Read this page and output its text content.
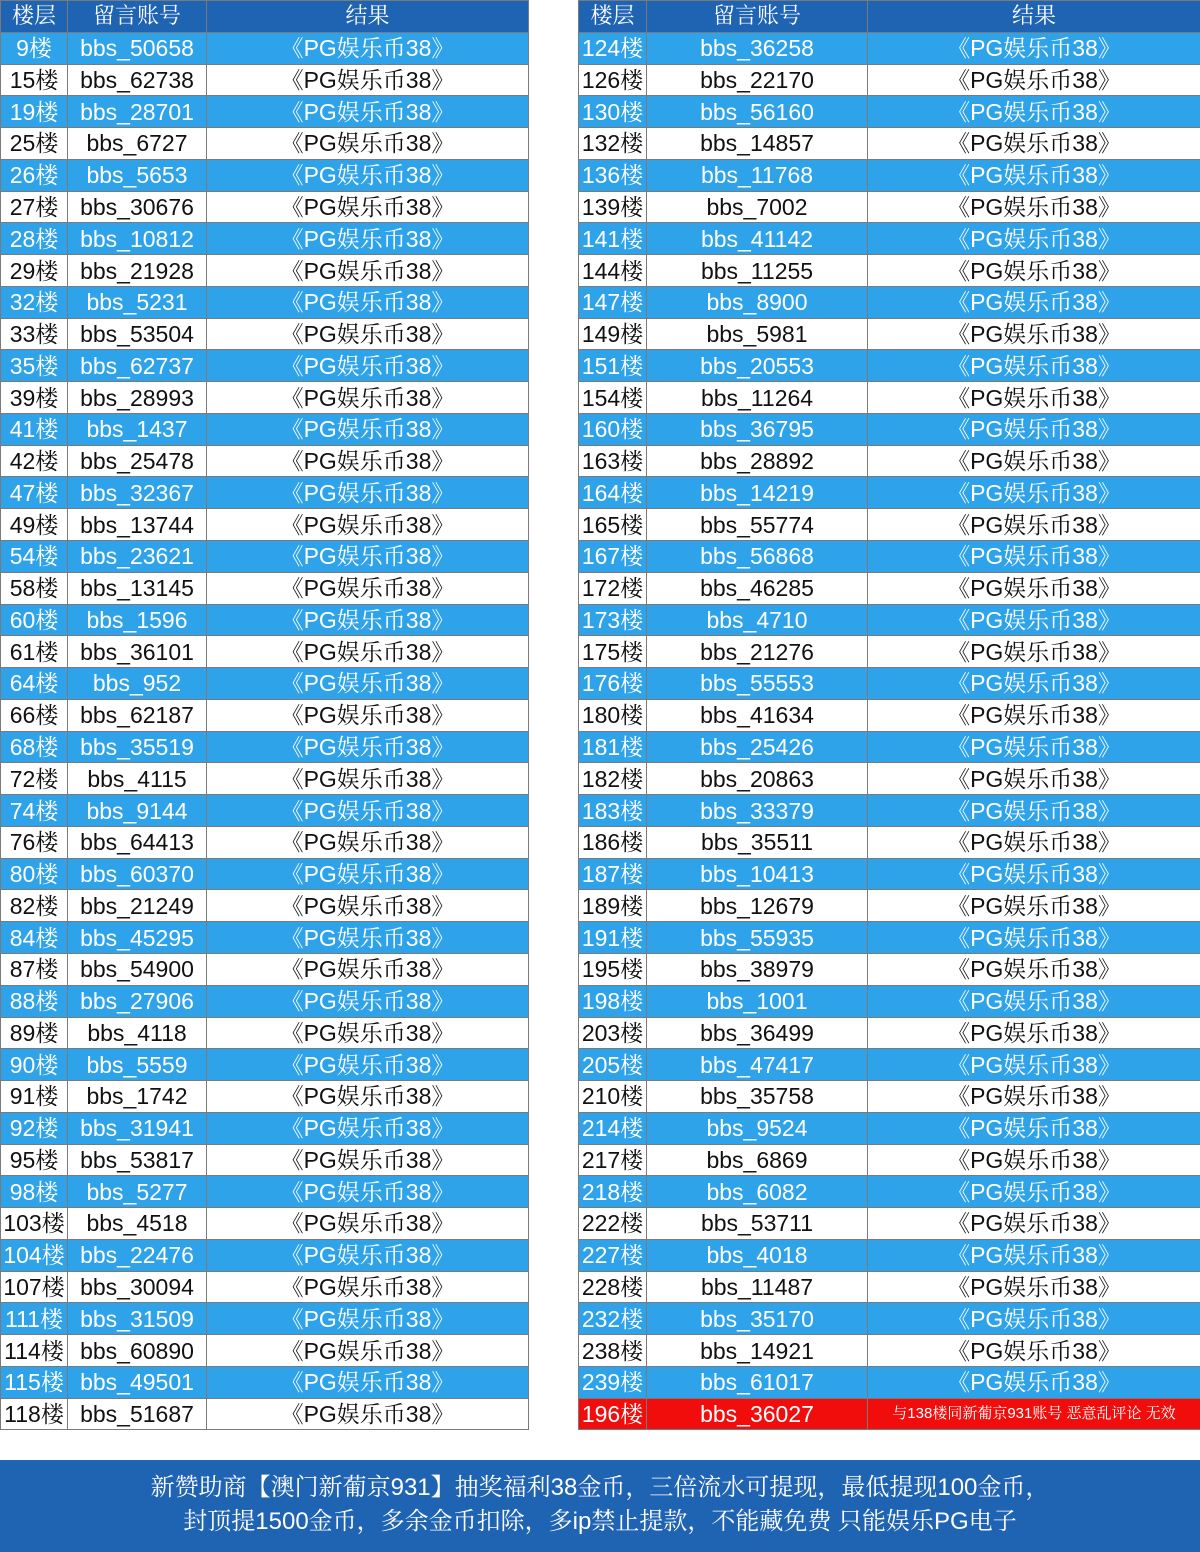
楼层	留言账号	结果
9楼	bbs_50658	《PG娱乐币38》
15楼	bbs_62738	《PG娱乐币38》
19楼	bbs_28701	《PG娱乐币38》
25楼	bbs_6727	《PG娱乐币38》
26楼	bbs_5653	《PG娱乐币38》
27楼	bbs_30676	《PG娱乐币38》
28楼	bbs_10812	《PG娱乐币38》
29楼	bbs_21928	《PG娱乐币38》
32楼	bbs_5231	《PG娱乐币38》
33楼	bbs_53504	《PG娱乐币38》
35楼	bbs_62737	《PG娱乐币38》
39楼	bbs_28993	《PG娱乐币38》
41楼	bbs_1437	《PG娱乐币38》
42楼	bbs_25478	《PG娱乐币38》
47楼	bbs_32367	《PG娱乐币38》
49楼	bbs_13744	《PG娱乐币38》
54楼	bbs_23621	《PG娱乐币38》
58楼	bbs_13145	《PG娱乐币38》
60楼	bbs_1596	《PG娱乐币38》
61楼	bbs_36101	《PG娱乐币38》
64楼	bbs_952	《PG娱乐币38》
66楼	bbs_62187	《PG娱乐币38》
68楼	bbs_35519	《PG娱乐币38》
72楼	bbs_4115	《PG娱乐币38》
74楼	bbs_9144	《PG娱乐币38》
76楼	bbs_64413	《PG娱乐币38》
80楼	bbs_60370	《PG娱乐币38》
82楼	bbs_21249	《PG娱乐币38》
84楼	bbs_45295	《PG娱乐币38》
87楼	bbs_54900	《PG娱乐币38》
88楼	bbs_27906	《PG娱乐币38》
89楼	bbs_4118	《PG娱乐币38》
90楼	bbs_5559	《PG娱乐币38》
91楼	bbs_1742	《PG娱乐币38》
92楼	bbs_31941	《PG娱乐币38》
95楼	bbs_53817	《PG娱乐币38》
98楼	bbs_5277	《PG娱乐币38》
103楼	bbs_4518	《PG娱乐币38》
104楼	bbs_22476	《PG娱乐币38》
107楼	bbs_30094	《PG娱乐币38》
111楼	bbs_31509	《PG娱乐币38》
114楼	bbs_60890	《PG娱乐币38》
115楼	bbs_49501	《PG娱乐币38》
118楼	bbs_51687	《PG娱乐币38》
楼层	留言账号	结果
124楼	bbs_36258	《PG娱乐币38》
126楼	bbs_22170	《PG娱乐币38》
130楼	bbs_56160	《PG娱乐币38》
132楼	bbs_14857	《PG娱乐币38》
136楼	bbs_11768	《PG娱乐币38》
139楼	bbs_7002	《PG娱乐币38》
141楼	bbs_41142	《PG娱乐币38》
144楼	bbs_11255	《PG娱乐币38》
147楼	bbs_8900	《PG娱乐币38》
149楼	bbs_5981	《PG娱乐币38》
151楼	bbs_20553	《PG娱乐币38》
154楼	bbs_11264	《PG娱乐币38》
160楼	bbs_36795	《PG娱乐币38》
163楼	bbs_28892	《PG娱乐币38》
164楼	bbs_14219	《PG娱乐币38》
165楼	bbs_55774	《PG娱乐币38》
167楼	bbs_56868	《PG娱乐币38》
172楼	bbs_46285	《PG娱乐币38》
173楼	bbs_4710	《PG娱乐币38》
175楼	bbs_21276	《PG娱乐币38》
176楼	bbs_55553	《PG娱乐币38》
180楼	bbs_41634	《PG娱乐币38》
181楼	bbs_25426	《PG娱乐币38》
182楼	bbs_20863	《PG娱乐币38》
183楼	bbs_33379	《PG娱乐币38》
186楼	bbs_35511	《PG娱乐币38》
187楼	bbs_10413	《PG娱乐币38》
189楼	bbs_12679	《PG娱乐币38》
191楼	bbs_55935	《PG娱乐币38》
195楼	bbs_38979	《PG娱乐币38》
198楼	bbs_1001	《PG娱乐币38》
203楼	bbs_36499	《PG娱乐币38》
205楼	bbs_47417	《PG娱乐币38》
210楼	bbs_35758	《PG娱乐币38》
214楼	bbs_9524	《PG娱乐币38》
217楼	bbs_6869	《PG娱乐币38》
218楼	bbs_6082	《PG娱乐币38》
222楼	bbs_53711	《PG娱乐币38》
227楼	bbs_4018	《PG娱乐币38》
228楼	bbs_11487	《PG娱乐币38》
232楼	bbs_35170	《PG娱乐币38》
238楼	bbs_14921	《PG娱乐币38》
239楼	bbs_61017	《PG娱乐币38》
196楼	bbs_36027	与138楼同新葡京931账号 恶意乱评论 无效
新赞助商【澳门新葡京931】抽奖福利38金币，三倍流水可提现，最低提现100金币，
封顶提1500金币，多余金币扣除，多ip禁止提款，不能藏免费 只能娱乐PG电子
